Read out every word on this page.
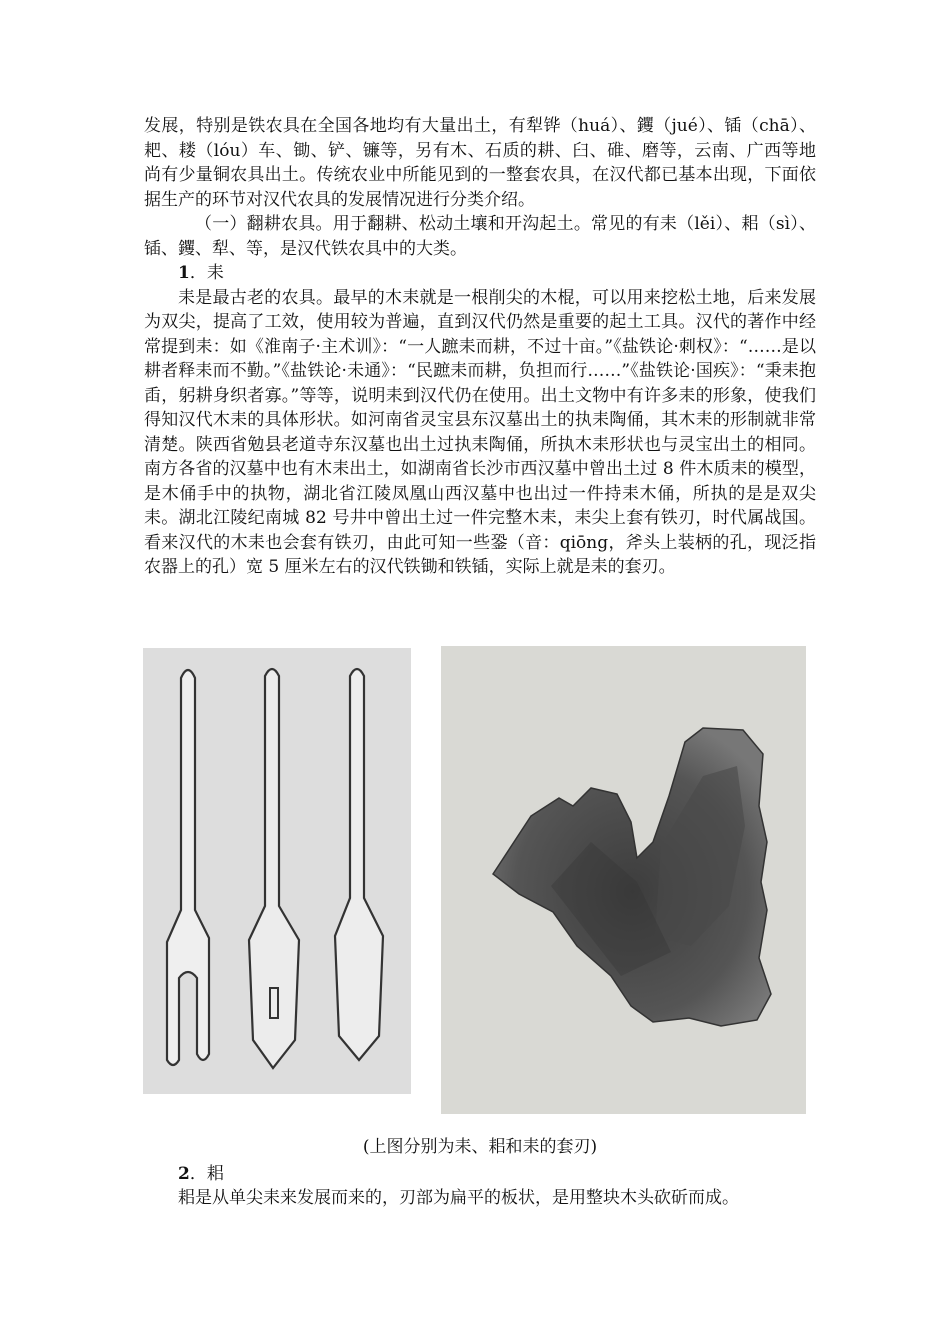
发展，特别是铁农具在全国各地均有大量出土，有犁铧（huá）、钁（jué）、锸（chā）、耙、耧（lóu）车、锄、铲、镰等，另有木、石质的耕、臼、碓、磨等，云南、广西等地尚有少量铜农具出土。传统农业中所能见到的一整套农具，在汉代都已基本出现，下面依据生产的环节对汉代农具的发展情况进行分类介绍。

（一）翻耕农具。用于翻耕、松动土壤和开沟起土。常见的有耒（lěi）、耜（sì）、锸、钁、犁、等，是汉代铁农具中的大类。

1．耒

耒是最古老的农具。最早的木耒就是一根削尖的木棍，可以用来挖松土地，后来发展为双尖，提高了工效，使用较为普遍，直到汉代仍然是重要的起土工具。汉代的著作中经常提到耒：如《淮南子·主术训》：“一人蹠耒而耕，不过十亩。”《盐铁论·刺权》：“……是以耕者释耒而不勤。”《盐铁论·未通》：“民蹠耒而耕，负担而行……”《盐铁论·国疾》：“秉耒抱臿，躬耕身织者寡。”等等，说明耒到汉代仍在使用。出土文物中有许多耒的形象，使我们得知汉代木耒的具体形状。如河南省灵宝县东汉墓出土的执耒陶俑，其木耒的形制就非常清楚。陕西省勉县老道寺东汉墓也出土过执耒陶俑，所执木耒形状也与灵宝出土的相同。南方各省的汉墓中也有木耒出土，如湖南省长沙市西汉墓中曾出土过 8 件木质耒的模型，是木俑手中的执物，湖北省江陵凤凰山西汉墓中也出过一件持耒木俑，所执的是是双尖耒。湖北江陵纪南城 82 号井中曾出土过一件完整木耒，耒尖上套有铁刃，时代属战国。看来汉代的木耒也会套有铁刃，由此可知一些銎（音：qiōng，斧头上装柄的孔，现泛指农器上的孔）宽 5 厘米左右的汉代铁锄和铁锸，实际上就是耒的套刃。

(上图分别为耒、耜和耒的套刃)
2．耜
耜是从单尖耒来发展而来的，刃部为扁平的板状，是用整块木头砍斫而成。
